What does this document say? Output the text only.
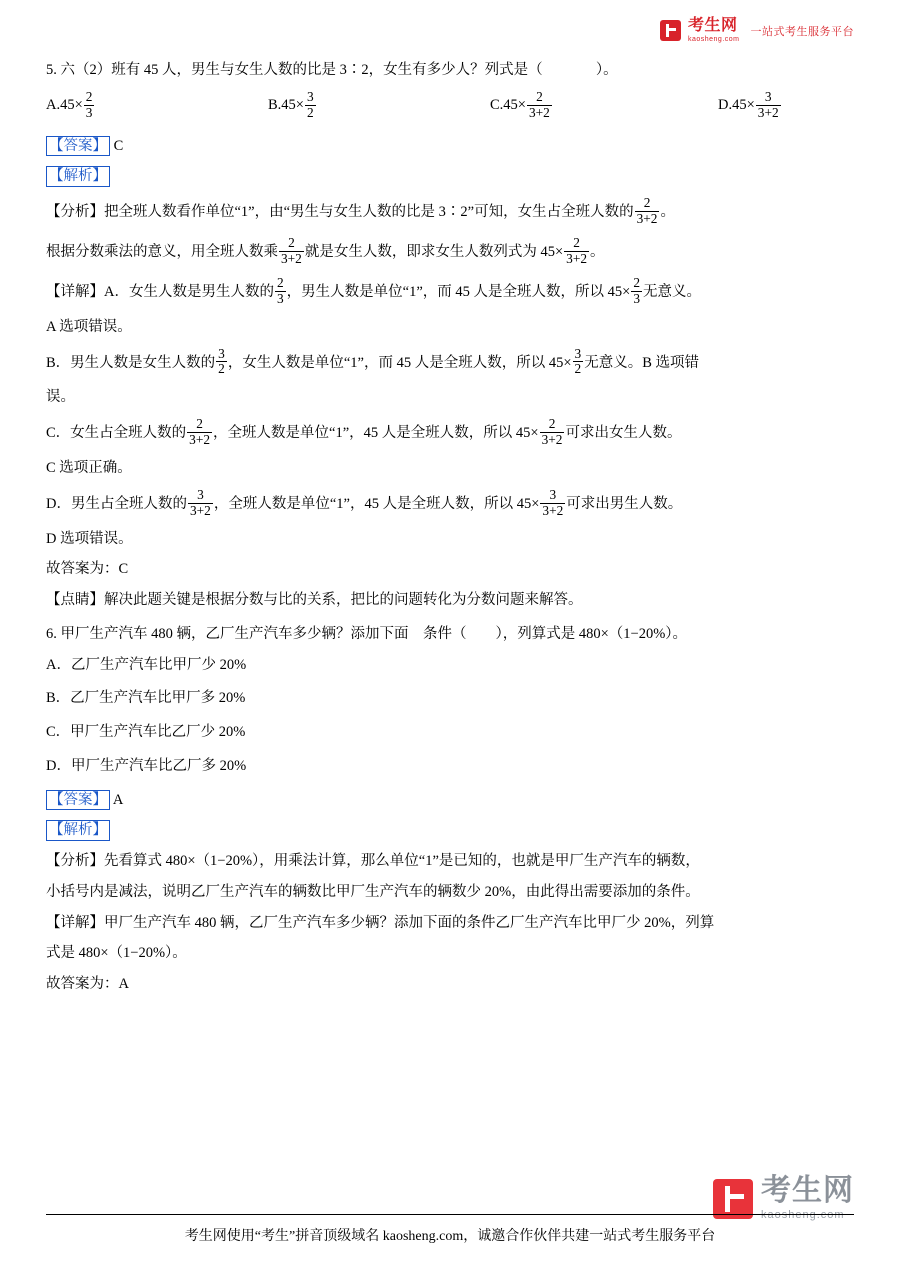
考生网
kaosheng.com
一站式考生服务平台

5. 六（2）班有 45 人，男生与女生人数的比是 3∶2，女生有多少人？列式是（	）。

A. $45\times \frac{2}{3}$	B. $45\times \frac{3}{2}$	C. $45\times \frac{2}{3+2}$	D. $45\times \frac{3}{3+2}$

【答案】 C

【解析】

【分析】把全班人数看作单位“1”，由“男生与女生人数的比是 3∶2”可知，女生占全班人数的 $\frac{2}{3+2}$ 。

根据分数乘法的意义，用全班人数乘 $\frac{2}{3+2}$ 就是女生人数，即求女生人数列式为 $45\times \frac{2}{3+2}$ 。

【详解】A．女生人数是男生人数的 $\frac{2}{3}$ ，男生人数是单位“1”，而 45 人是全班人数，所以 $45\times \frac{2}{3}$ 无意义。

A 选项错误。

B．男生人数是女生人数的 $\frac{3}{2}$ ，女生人数是单位“1”，而 45 人是全班人数，所以 $45\times \frac{3}{2}$ 无意义。B 选项错

误。

C．女生占全班人数的 $\frac{2}{3+2}$ ，全班人数是单位“1”，45 人是全班人数，所以 $45\times \frac{2}{3+2}$ 可求出女生人数。

C 选项正确。

D．男生占全班人数的 $\frac{3}{3+2}$ ，全班人数是单位“1”，45 人是全班人数，所以 $45\times \frac{3}{3+2}$ 可求出男生人数。

D 选项错误。

故答案为：C

【点睛】解决此题关键是根据分数与比的关系，把比的问题转化为分数问题来解答。

6. 甲厂生产汽车 480 辆，乙厂生产汽车多少辆？添加下面　条件（　　），列算式是 480×（1−20%）。

A．乙厂生产汽车比甲厂少 20%

B．乙厂生产汽车比甲厂多 20%

C．甲厂生产汽车比乙厂少 20%

D．甲厂生产汽车比乙厂多 20%

【答案】 A

【解析】

【分析】先看算式 480×（1−20%），用乘法计算，那么单位“1”是已知的，也就是甲厂生产汽车的辆数，

小括号内是减法，说明乙厂生产汽车的辆数比甲厂生产汽车的辆数少 20%，由此得出需要添加的条件。

【详解】甲厂生产汽车 480 辆，乙厂生产汽车多少辆？添加下面的条件乙厂生产汽车比甲厂少 20%，列算

式是 480×（1−20%）。

故答案为：A

考生网
kaosheng.com
考生网使用“考生”拼音顶级域名 kaosheng.com，诚邀合作伙伴共建一站式考生服务平台
